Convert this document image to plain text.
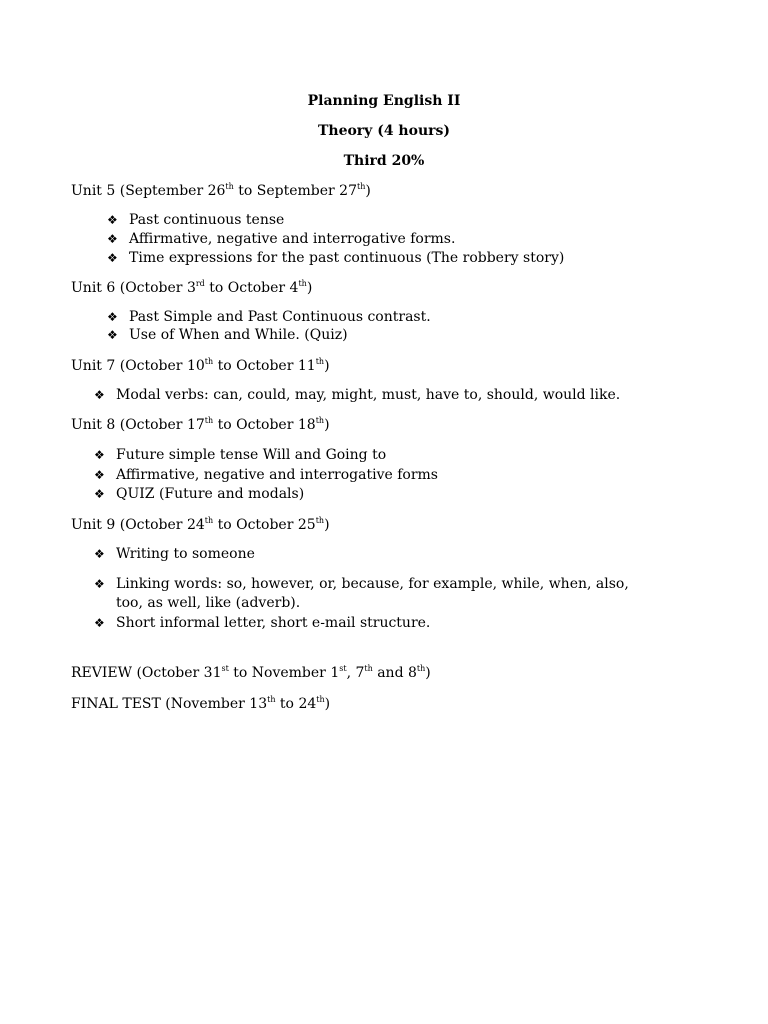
Planning English II
Theory (4 hours)
Third 20%
Unit 5 (September 26th to September 27th)
❖ Past continuous tense
❖ Affirmative, negative and interrogative forms.
❖ Time expressions for the past continuous (The robbery story)
Unit 6 (October 3rd to October 4th)
❖ Past Simple and Past Continuous contrast.
❖ Use of When and While. (Quiz)
Unit 7 (October 10th to October 11th)
❖ Modal verbs: can, could, may, might, must, have to, should, would like.
Unit 8 (October 17th to October 18th)
❖ Future simple tense Will and Going to
❖ Affirmative, negative and interrogative forms
❖ QUIZ (Future and modals)
Unit 9 (October 24th to October 25th)
❖ Writing to someone
❖ Linking words: so, however, or, because, for example, while, when, also, too, as well, like (adverb).
❖ Short informal letter, short e-mail structure.
REVIEW (October 31st to November 1st, 7th and 8th)
FINAL TEST (November 13th to 24th)
